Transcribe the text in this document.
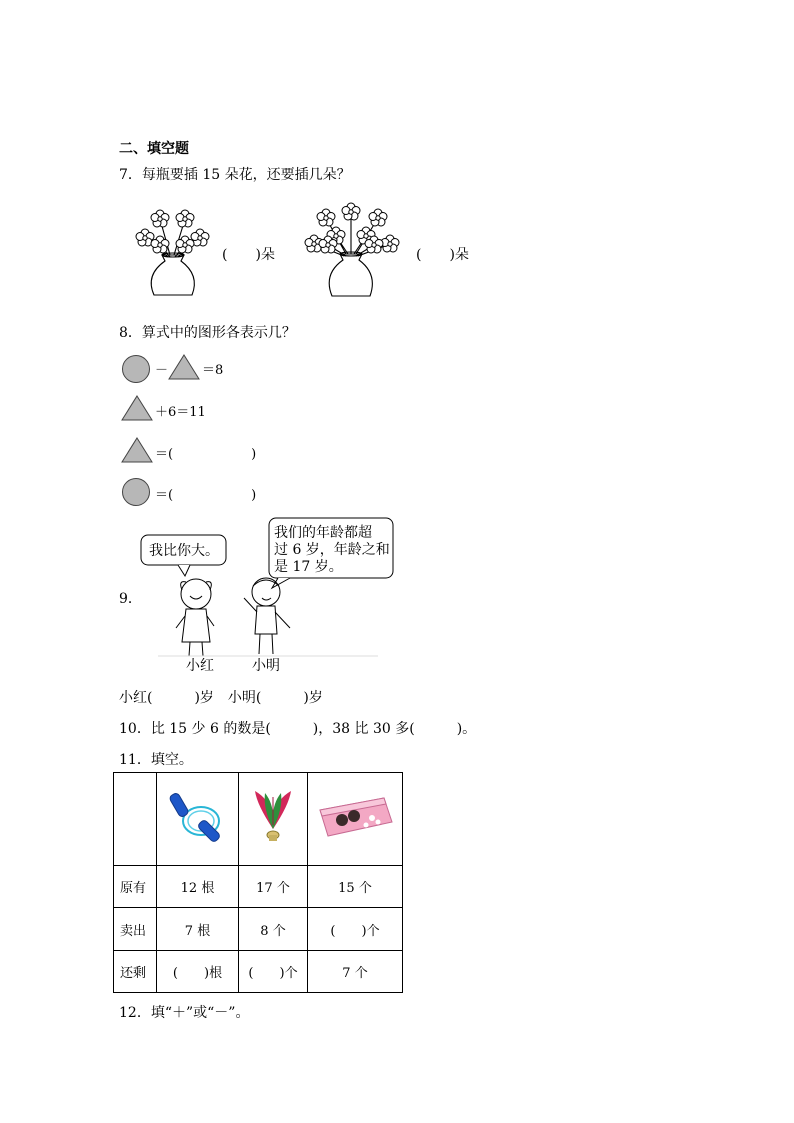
二、填空题
7．每瓶要插 15 朵花，还要插几朵？
(　　)朵	(　　)朵
8．算式中的图形各表示几？
－	＝8
＋6＝11
＝(　　　　　　)
＝(　　　　　　)
我比你大。
我们的年龄都超
过 6 岁，年龄之和
是 17 岁。
9．
小红	小明
小红(　　　)岁　小明(　　　)岁
10．比 15 少 6 的数是(　　　)，38 比 30 多(　　　)。
11．填空。

原有	12 根	17 个	15 个
卖出	7 根	8 个	(　　)个
还剩	(　　)根	(　　)个	7 个
12．填“＋”或“－”。
